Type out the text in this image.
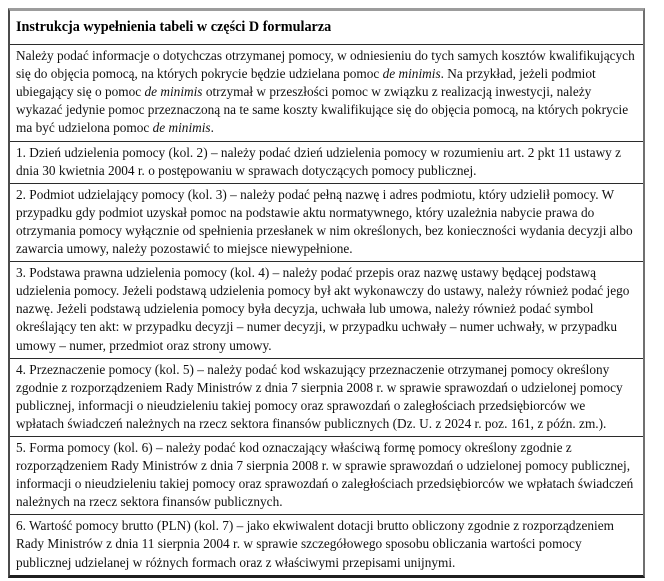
Instrukcja wypełnienia tabeli w części D formularza
Należy podać informacje o dotychczas otrzymanej pomocy, w odniesieniu do tych samych kosztów kwalifikujących się do objęcia pomocą, na których pokrycie będzie udzielana pomoc de minimis. Na przykład, jeżeli podmiot ubiegający się o pomoc de minimis otrzymał w przeszłości pomoc w związku z realizacją inwestycji, należy wykazać jedynie pomoc przeznaczoną na te same koszty kwalifikujące się do objęcia pomocą, na których pokrycie ma być udzielona pomoc de minimis.
1. Dzień udzielenia pomocy (kol. 2) – należy podać dzień udzielenia pomocy w rozumieniu art. 2 pkt 11 ustawy z dnia 30 kwietnia 2004 r. o postępowaniu w sprawach dotyczących pomocy publicznej.
2. Podmiot udzielający pomocy (kol. 3) – należy podać pełną nazwę i adres podmiotu, który udzielił pomocy. W przypadku gdy podmiot uzyskał pomoc na podstawie aktu normatywnego, który uzależnia nabycie prawa do otrzymania pomocy wyłącznie od spełnienia przesłanek w nim określonych, bez konieczności wydania decyzji albo zawarcia umowy, należy pozostawić to miejsce niewypełnione.
3. Podstawa prawna udzielenia pomocy (kol. 4) – należy podać przepis oraz nazwę ustawy będącej podstawą udzielenia pomocy. Jeżeli podstawą udzielenia pomocy był akt wykonawczy do ustawy, należy również podać jego nazwę. Jeżeli podstawą udzielenia pomocy była decyzja, uchwała lub umowa, należy również podać symbol określający ten akt: w przypadku decyzji – numer decyzji, w przypadku uchwały – numer uchwały, w przypadku umowy – numer, przedmiot oraz strony umowy.
4. Przeznaczenie pomocy (kol. 5) – należy podać kod wskazujący przeznaczenie otrzymanej pomocy określony zgodnie z rozporządzeniem Rady Ministrów z dnia 7 sierpnia 2008 r. w sprawie sprawozdań o udzielonej pomocy publicznej, informacji o nieudzieleniu takiej pomocy oraz sprawozdań o zaległościach przedsiębiorców we wpłatach świadczeń należnych na rzecz sektora finansów publicznych (Dz. U. z 2024 r. poz. 161, z późn. zm.).
5. Forma pomocy (kol. 6) – należy podać kod oznaczający właściwą formę pomocy określony zgodnie z rozporządzeniem Rady Ministrów z dnia 7 sierpnia 2008 r. w sprawie sprawozdań o udzielonej pomocy publicznej, informacji o nieudzieleniu takiej pomocy oraz sprawozdań o zaległościach przedsiębiorców we wpłatach świadczeń należnych na rzecz sektora finansów publicznych.
6. Wartość pomocy brutto (PLN) (kol. 7) – jako ekwiwalent dotacji brutto obliczony zgodnie z rozporządzeniem Rady Ministrów z dnia 11 sierpnia 2004 r. w sprawie szczegółowego sposobu obliczania wartości pomocy publicznej udzielanej w różnych formach oraz z właściwymi przepisami unijnymi.
